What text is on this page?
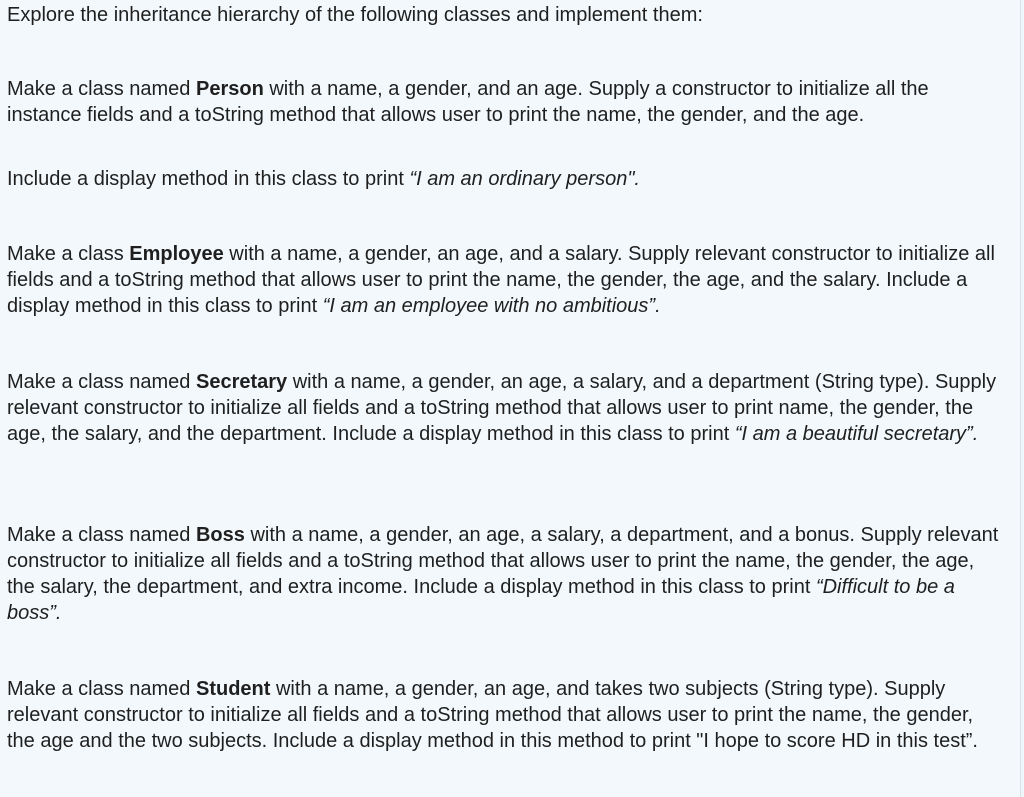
Explore the inheritance hierarchy of the following classes and implement them:

Make a class named Person with a name, a gender, and an age. Supply a constructor to initialize all the instance fields and a toString method that allows user to print the name, the gender, and the age.

Include a display method in this class to print “I am an ordinary person".

Make a class Employee with a name, a gender, an age, and a salary. Supply relevant constructor to initialize all fields and a toString method that allows user to print the name, the gender, the age, and the salary. Include a display method in this class to print “I am an employee with no ambitious”.

Make a class named Secretary with a name, a gender, an age, a salary, and a department (String type). Supply relevant constructor to initialize all fields and a toString method that allows user to print name, the gender, the age, the salary, and the department. Include a display method in this class to print “I am a beautiful secretary”.

Make a class named Boss with a name, a gender, an age, a salary, a department, and a bonus. Supply relevant constructor to initialize all fields and a toString method that allows user to print the name, the gender, the age, the salary, the department, and extra income. Include a display method in this class to print “Difficult to be a boss”.

Make a class named Student with a name, a gender, an age, and takes two subjects (String type). Supply relevant constructor to initialize all fields and a toString method that allows user to print the name, the gender, the age and the two subjects. Include a display method in this method to print "I hope to score HD in this test”.
